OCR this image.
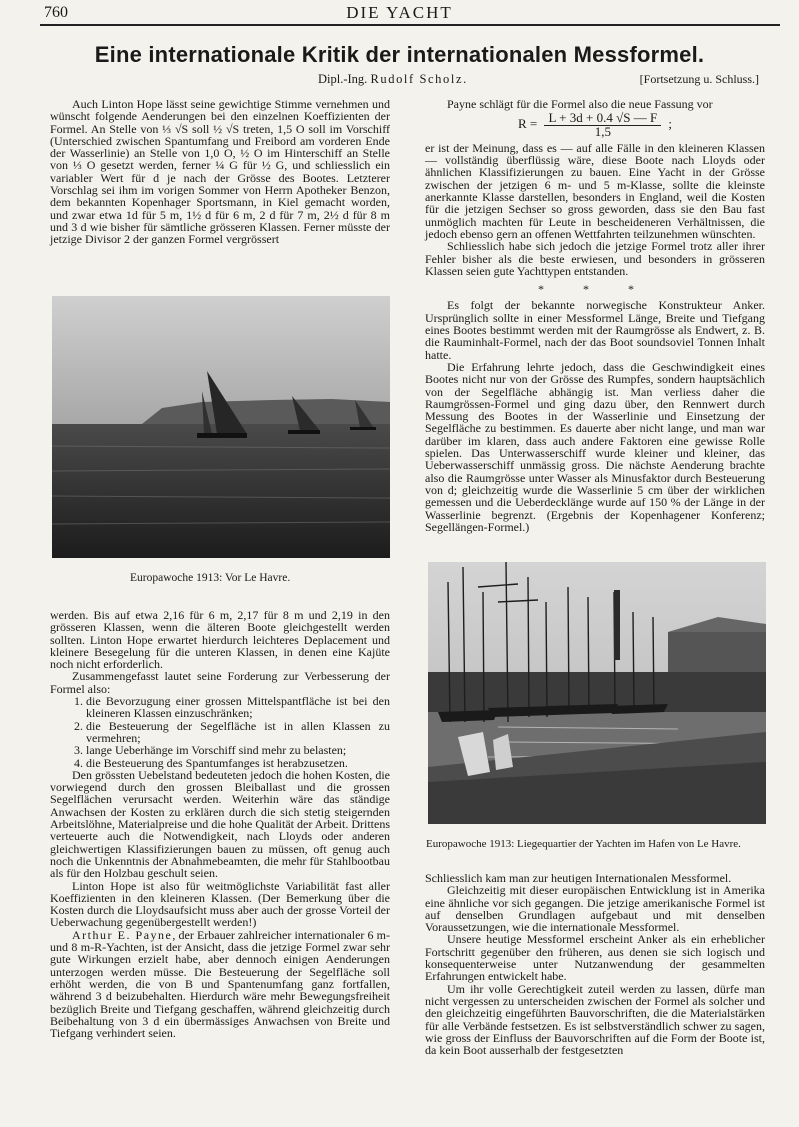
760	DIE YACHT
Eine internationale Kritik der internationalen Messformel.
Dipl.-Ing. Rudolf Scholz.	[Fortsetzung u. Schluss.]

Auch Linton Hope lässt seine gewichtige Stimme vernehmen und wünscht folgende Aenderungen bei den einzelnen Koeffizienten der Formel. An Stelle von ⅓ √S soll ½ √S treten, 1,5 O soll im Vorschiff (Unterschied zwischen Spantumfang und Freibord am vorderen Ende der Wasserlinie) an Stelle von 1,0 O, ½ O im Hinterschiff an Stelle von ⅓ O gesetzt werden, ferner ¼ G für ½ G, und schliesslich ein variabler Wert für d je nach der Grösse des Bootes. Letzterer Vorschlag sei ihm im vorigen Sommer von Herrn Apotheker Benzon, dem bekannten Kopenhager Sportsmann, in Kiel gemacht worden, und zwar etwa 1d für 5 m, 1½ d für 6 m, 2 d für 7 m, 2½ d für 8 m und 3 d wie bisher für sämtliche grösseren Klassen. Ferner müsste der jetzige Divisor 2 der ganzen Formel vergrössert

Europawoche 1913: Vor Le Havre.

werden. Bis auf etwa 2,16 für 6 m, 2,17 für 8 m und 2,19 in den grösseren Klassen, wenn die älteren Boote gleichgestellt werden sollten. Linton Hope erwartet hierdurch leichteres Deplacement und kleinere Besegelung für die unteren Klassen, in denen eine Kajüte noch nicht erforderlich.

Zusammengefasst lautet seine Forderung zur Verbesserung der Formel also:

1. die Bevorzugung einer grossen Mittelspantfläche ist bei den kleineren Klassen einzuschränken;
2. die Besteuerung der Segelfläche ist in allen Klassen zu vermehren;
3. lange Ueberhänge im Vorschiff sind mehr zu belasten;
4. die Besteuerung des Spantumfanges ist herabzusetzen.

Den grössten Uebelstand bedeuteten jedoch die hohen Kosten, die vorwiegend durch den grossen Bleiballast und die grossen Segelflächen verursacht werden. Weiterhin wäre das ständige Anwachsen der Kosten zu erklären durch die sich stetig steigernden Arbeitslöhne, Materialpreise und die hohe Qualität der Arbeit. Drittens verteuerte auch die Notwendigkeit, nach Lloyds oder anderen gleichwertigen Klassifizierungen bauen zu müssen, oft genug auch noch die Unkenntnis der Abnahmebeamten, die mehr für Stahlbootbau als für den Holzbau geschult seien.

Linton Hope ist also für weitmöglichste Variabilität fast aller Koeffizienten in den kleineren Klassen. (Der Bemerkung über die Kosten durch die Lloydsaufsicht muss aber auch der grosse Vorteil der Ueberwachung gegenübergestellt werden!)

Arthur E. Payne, der Erbauer zahlreicher internationaler 6 m- und 8 m-R-Yachten, ist der Ansicht, dass die jetzige Formel zwar sehr gute Wirkungen erzielt habe, aber dennoch einigen Aenderungen unterzogen werden müsse. Die Besteuerung der Segelfläche soll erhöht werden, die von B und Spantenumfang ganz fortfallen, während 3 d beizubehalten. Hierdurch wäre mehr Bewegungsfreiheit bezüglich Breite und Tiefgang geschaffen, während gleichzeitig durch Beibehaltung von 3 d ein übermässiges Anwachsen von Breite und Tiefgang verhindert seien.

Payne schlägt für die Formel also die neue Fassung vor

$R = \frac{L + 3d + 0.4 √S — F}{1,5}$ ;

er ist der Meinung, dass es — auf alle Fälle in den kleineren Klassen — vollständig überflüssig wäre, diese Boote nach Lloyds oder ähnlichen Klassifizierungen zu bauen. Eine Yacht in der Grösse zwischen der jetzigen 6 m- und 5 m-Klasse, sollte die kleinste anerkannte Klasse darstellen, besonders in England, weil die Kosten für die jetzigen Sechser so gross geworden, dass sie den Bau fast unmöglich machten für Leute in bescheideneren Verhältnissen, die jedoch ebenso gern an offenen Wettfahrten teilzunehmen wünschten.

Schliesslich habe sich jedoch die jetzige Formel trotz aller ihrer Fehler bisher als die beste erwiesen, und besonders in grösseren Klassen seien gute Yachttypen entstanden.

* * *

Es folgt der bekannte norwegische Konstrukteur Anker. Ursprünglich sollte in einer Messformel Länge, Breite und Tiefgang eines Bootes bestimmt werden mit der Raumgrösse als Endwert, z. B. die Rauminhalt-Formel, nach der das Boot soundsoviel Tonnen Inhalt hatte.

Die Erfahrung lehrte jedoch, dass die Geschwindigkeit eines Bootes nicht nur von der Grösse des Rumpfes, sondern hauptsächlich von der Segelfläche abhängig ist. Man verliess daher die Raumgrössen-Formel und ging dazu über, den Rennwert durch Messung des Bootes in der Wasserlinie und Einsetzung der Segelfläche zu bestimmen. Es dauerte aber nicht lange, und man war darüber im klaren, dass auch andere Faktoren eine gewisse Rolle spielen. Das Unterwasserschiff wurde kleiner und kleiner, das Ueberwasserschiff unmässig gross. Die nächste Aenderung brachte also die Raumgrösse unter Wasser als Minusfaktor durch Besteuerung von d; gleichzeitig wurde die Wasserlinie 5 cm über der wirklichen gemessen und die Ueberdecklänge wurde auf 150 % der Länge in der Wasserlinie begrenzt. (Ergebnis der Kopenhagener Konferenz; Segellängen-Formel.)

Europawoche 1913: Liegequartier der Yachten im Hafen von Le Havre.

Schliesslich kam man zur heutigen Internationalen Messformel.

Gleichzeitig mit dieser europäischen Entwicklung ist in Amerika eine ähnliche vor sich gegangen. Die jetzige amerikanische Formel ist auf denselben Grundlagen aufgebaut und mit denselben Voraussetzungen, wie die internationale Messformel.

Unsere heutige Messformel erscheint Anker als ein erheblicher Fortschritt gegenüber den früheren, aus denen sie sich logisch und konsequenterweise unter Nutzanwendung der gesammelten Erfahrungen entwickelt habe.

Um ihr volle Gerechtigkeit zuteil werden zu lassen, dürfe man nicht vergessen zu unterscheiden zwischen der Formel als solcher und den gleichzeitig eingeführten Bauvorschriften, die die Materialstärken für alle Verbände festsetzen. Es ist selbstverständlich schwer zu sagen, wie gross der Einfluss der Bauvorschriften auf die Form der Boote ist, da kein Boot ausserhalb der festgesetzten
